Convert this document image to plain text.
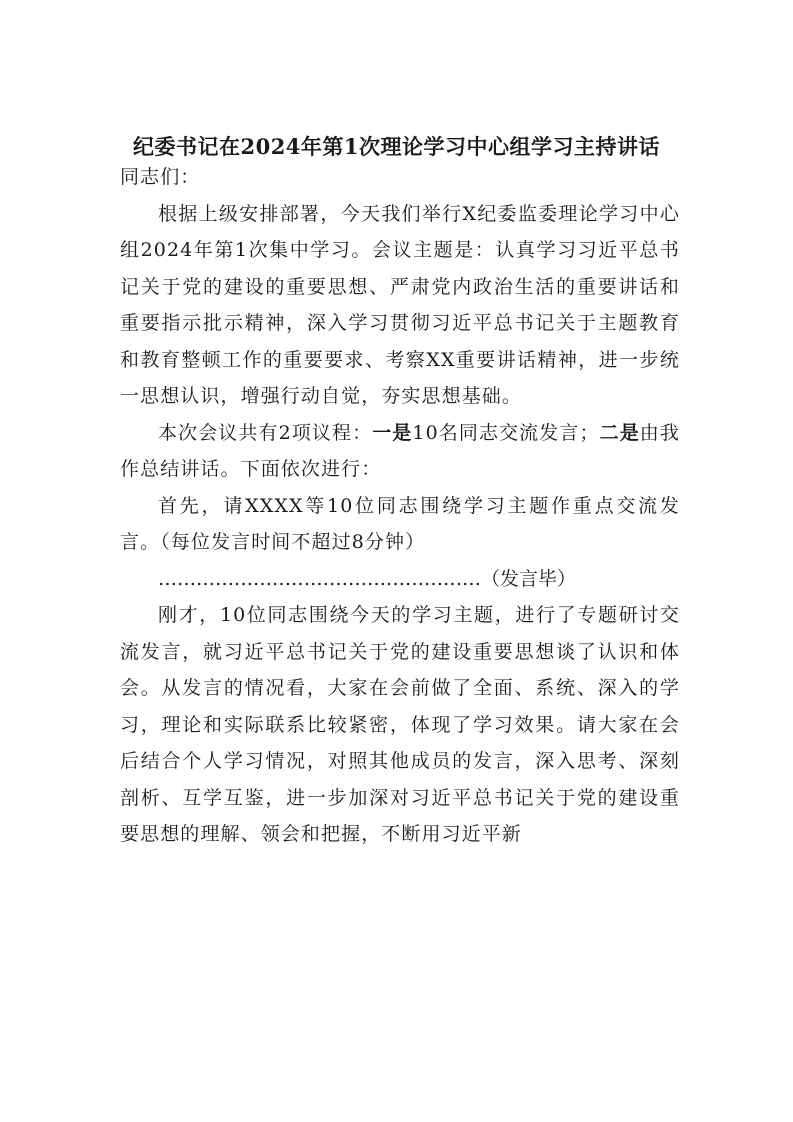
纪委书记在2024年第1次理论学习中心组学习主持讲话

同志们：

根据上级安排部署，今天我们举行X纪委监委理论学习中心组2024年第1次集中学习。会议主题是：认真学习习近平总书记关于党的建设的重要思想、严肃党内政治生活的重要讲话和重要指示批示精神，深入学习贯彻习近平总书记关于主题教育和教育整顿工作的重要要求、考察XX重要讲话精神，进一步统一思想认识，增强行动自觉，夯实思想基础。

本次会议共有2项议程：一是10名同志交流发言；二是由我作总结讲话。下面依次进行：

首先，请XXXX等10位同志围绕学习主题作重点交流发言。（每位发言时间不超过8分钟）

……………………………………………（发言毕）

刚才，10位同志围绕今天的学习主题，进行了专题研讨交流发言，就习近平总书记关于党的建设重要思想谈了认识和体会。从发言的情况看，大家在会前做了全面、系统、深入的学习，理论和实际联系比较紧密，体现了学习效果。请大家在会后结合个人学习情况，对照其他成员的发言，深入思考、深刻剖析、互学互鉴，进一步加深对习近平总书记关于党的建设重要思想的理解、领会和把握，不断用习近平新
